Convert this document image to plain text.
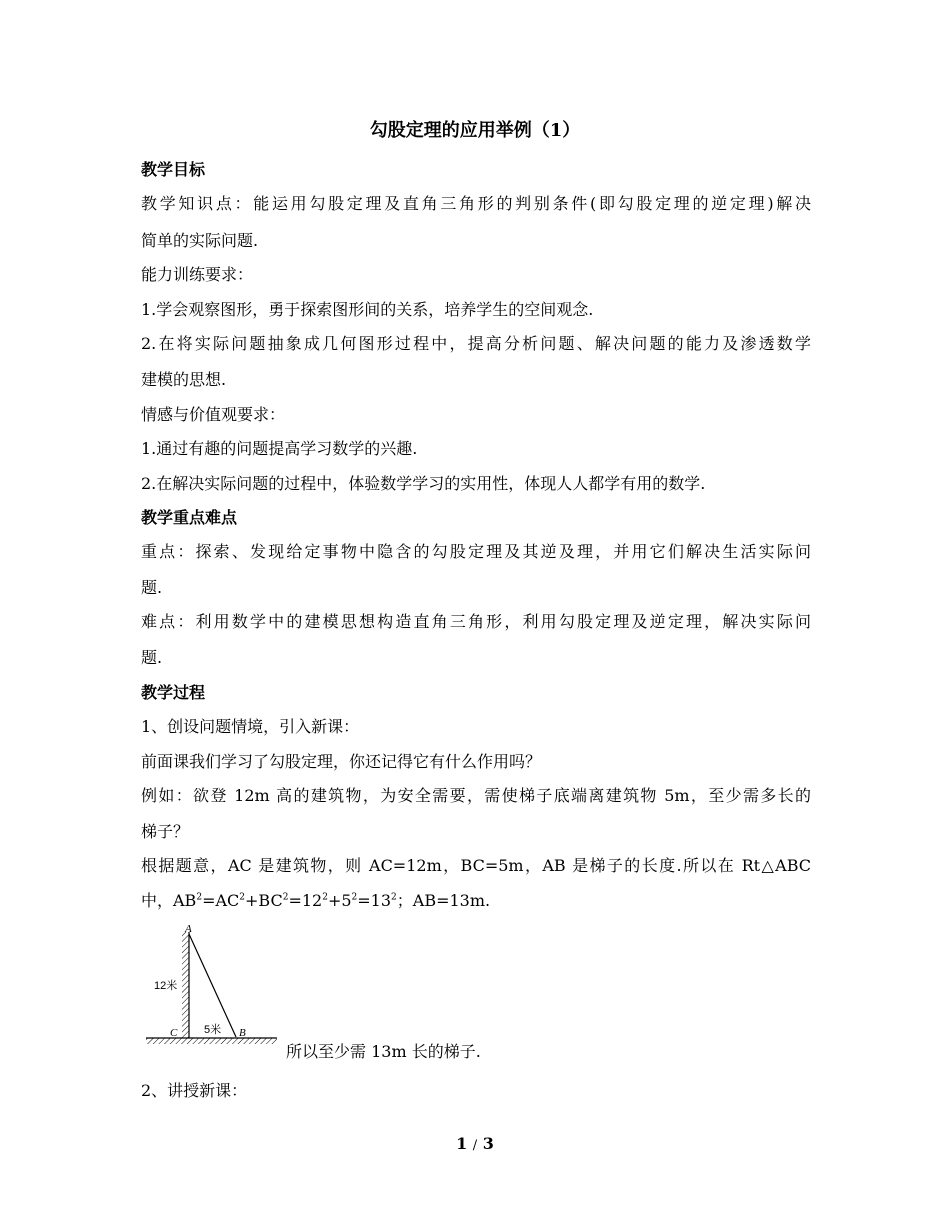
勾股定理的应用举例（1）
教学目标
教学知识点：能运用勾股定理及直角三角形的判别条件(即勾股定理的逆定理)解决
简单的实际问题.
能力训练要求：
1.学会观察图形，勇于探索图形间的关系，培养学生的空间观念.
2.在将实际问题抽象成几何图形过程中，提高分析问题、解决问题的能力及渗透数学
建模的思想.
情感与价值观要求：
1.通过有趣的问题提高学习数学的兴趣.
2.在解决实际问题的过程中，体验数学学习的实用性，体现人人都学有用的数学.
教学重点难点
重点：探索、发现给定事物中隐含的勾股定理及其逆及理，并用它们解决生活实际问
题.
难点：利用数学中的建模思想构造直角三角形，利用勾股定理及逆定理，解决实际问
题.
教学过程
1、创设问题情境，引入新课：
前面课我们学习了勾股定理，你还记得它有什么作用吗？
例如：欲登 12m 高的建筑物，为安全需要，需使梯子底端离建筑物 5m，至少需多长的
梯子？
根据题意，AC 是建筑物，则 AC=12m，BC=5m，AB 是梯子的长度.所以在 Rt△ABC
中，$AB^2=AC^2+BC^2=12^2+5^2=13^2$；AB=13m.
A
C	B
12米
5米
所以至少需 13m 长的梯子.
2、讲授新课：
1 / 3
